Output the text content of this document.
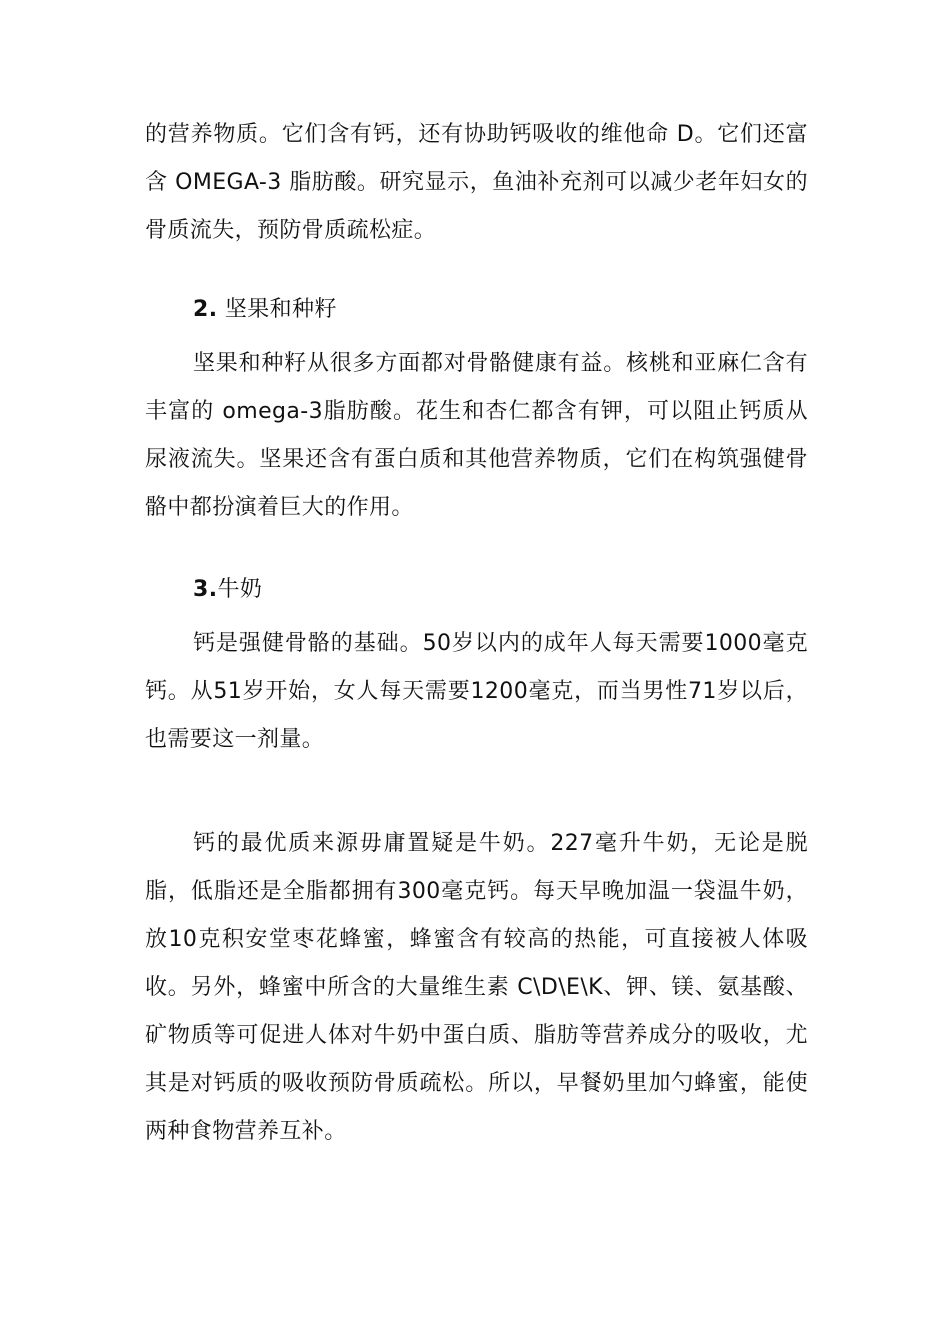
的营养物质。它们含有钙，还有协助钙吸收的维他命 D。它们还富含 OMEGA-3 脂肪酸。研究显示，鱼油补充剂可以减少老年妇女的骨质流失，预防骨质疏松症。

2. 坚果和种籽

坚果和种籽从很多方面都对骨骼健康有益。核桃和亚麻仁含有丰富的 omega-3脂肪酸。花生和杏仁都含有钾，可以阻止钙质从尿液流失。坚果还含有蛋白质和其他营养物质，它们在构筑强健骨骼中都扮演着巨大的作用。

3.牛奶

钙是强健骨骼的基础。50岁以内的成年人每天需要1000毫克钙。从51岁开始，女人每天需要1200毫克，而当男性71岁以后，也需要这一剂量。

钙的最优质来源毋庸置疑是牛奶。227毫升牛奶，无论是脱脂，低脂还是全脂都拥有300毫克钙。每天早晚加温一袋温牛奶，放10克积安堂枣花蜂蜜，蜂蜜含有较高的热能，可直接被人体吸收。另外，蜂蜜中所含的大量维生素 C\D\E\K、钾、镁、氨基酸、矿物质等可促进人体对牛奶中蛋白质、脂肪等营养成分的吸收，尤其是对钙质的吸收预防骨质疏松。所以，早餐奶里加勺蜂蜜，能使两种食物营养互补。
